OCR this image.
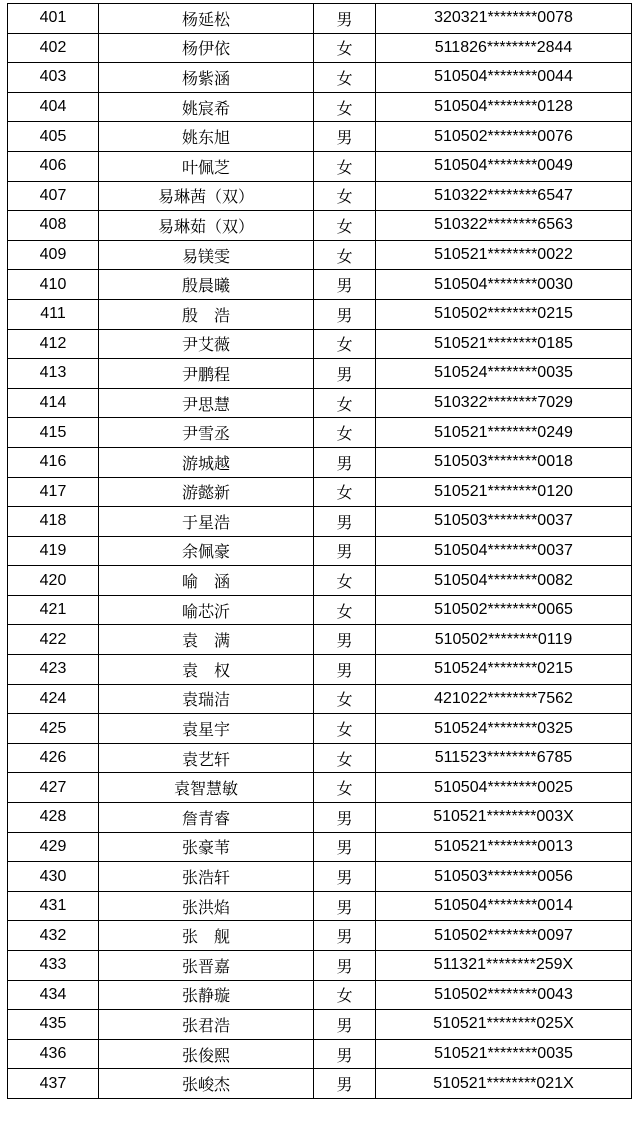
401	杨延松	男	320321********0078
402	杨伊依	女	511826********2844
403	杨紫涵	女	510504********0044
404	姚宸希	女	510504********0128
405	姚东旭	男	510502********0076
406	叶佩芝	女	510504********0049
407	易琳茜（双）	女	510322********6547
408	易琳茹（双）	女	510322********6563
409	易镁雯	女	510521********0022
410	殷晨曦	男	510504********0030
411	殷　浩	男	510502********0215
412	尹艾薇	女	510521********0185
413	尹鹏程	男	510524********0035
414	尹思慧	女	510322********7029
415	尹雪丞	女	510521********0249
416	游城越	男	510503********0018
417	游懿新	女	510521********0120
418	于星浩	男	510503********0037
419	余佩豪	男	510504********0037
420	喻　涵	女	510504********0082
421	喻芯沂	女	510502********0065
422	袁　满	男	510502********0119
423	袁　权	男	510524********0215
424	袁瑞洁	女	421022********7562
425	袁星宇	女	510524********0325
426	袁艺轩	女	511523********6785
427	袁智慧敏	女	510504********0025
428	詹青睿	男	510521********003X
429	张豪苇	男	510521********0013
430	张浩轩	男	510503********0056
431	张洪焰	男	510504********0014
432	张　舰	男	510502********0097
433	张晋嘉	男	511321********259X
434	张静璇	女	510502********0043
435	张君浩	男	510521********025X
436	张俊熙	男	510521********0035
437	张峻杰	男	510521********021X
